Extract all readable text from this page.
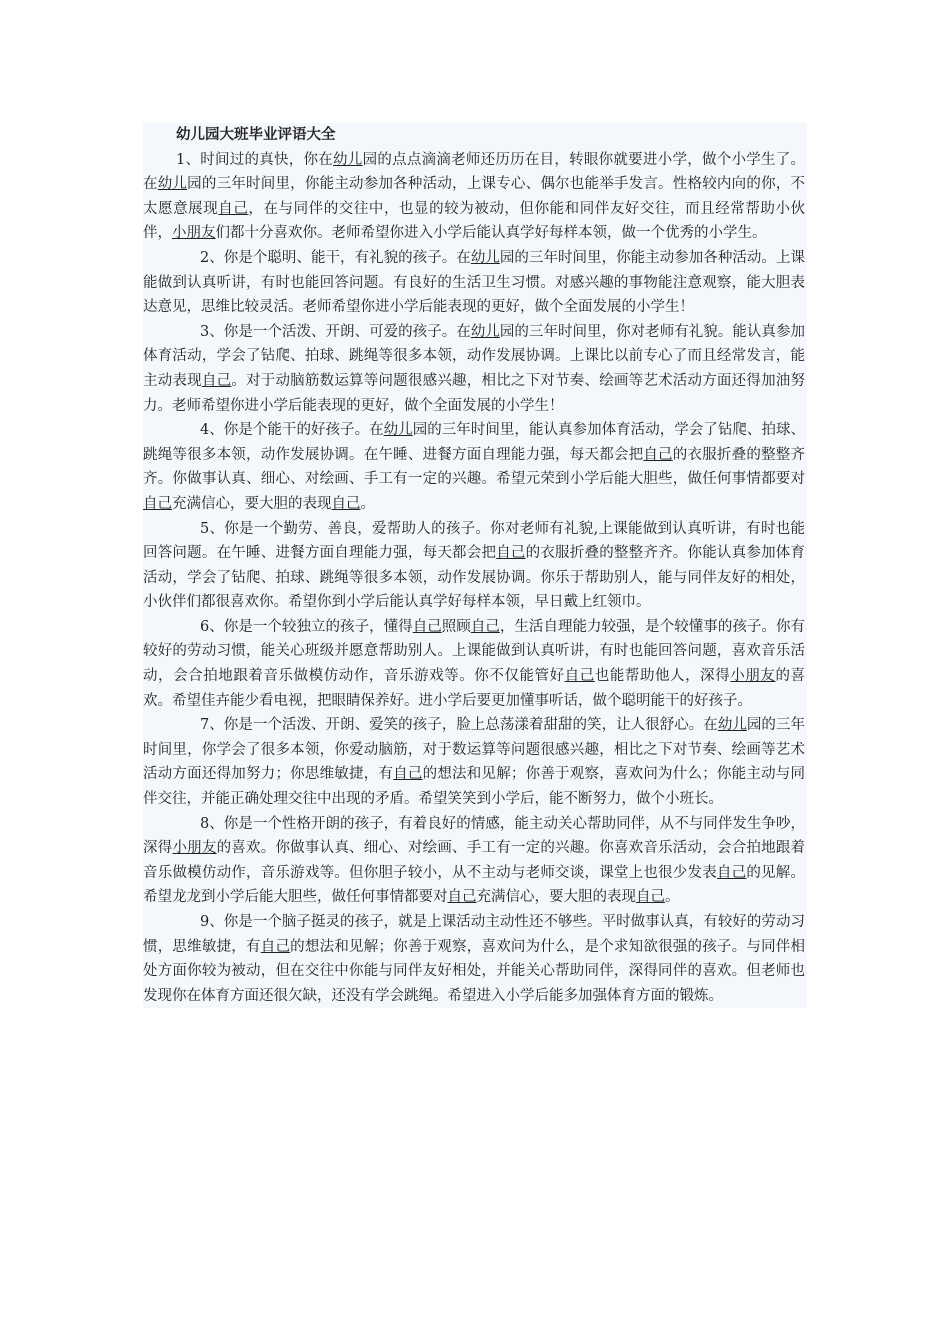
幼儿园大班毕业评语大全

1、时间过的真快，你在幼儿园的点点滴滴老师还历历在目，转眼你就要进小学，做个小学生了。在幼儿园的三年时间里，你能主动参加各种活动，上课专心、偶尔也能举手发言。性格较内向的你，不太愿意展现自己，在与同伴的交往中，也显的较为被动，但你能和同伴友好交往，而且经常帮助小伙伴，小朋友们都十分喜欢你。老师希望你进入小学后能认真学好每样本领，做一个优秀的小学生。

2、你是个聪明、能干，有礼貌的孩子。在幼儿园的三年时间里，你能主动参加各种活动。上课能做到认真听讲，有时也能回答问题。有良好的生活卫生习惯。对感兴趣的事物能注意观察，能大胆表达意见，思维比较灵活。老师希望你进小学后能表现的更好，做个全面发展的小学生！

3、你是一个活泼、开朗、可爱的孩子。在幼儿园的三年时间里，你对老师有礼貌。能认真参加体育活动，学会了钻爬、拍球、跳绳等很多本领，动作发展协调。上课比以前专心了而且经常发言，能主动表现自己。对于动脑筋数运算等问题很感兴趣，相比之下对节奏、绘画等艺术活动方面还得加油努力。老师希望你进小学后能表现的更好，做个全面发展的小学生！

4、你是个能干的好孩子。在幼儿园的三年时间里，能认真参加体育活动，学会了钻爬、拍球、跳绳等很多本领，动作发展协调。在午睡、进餐方面自理能力强，每天都会把自己的衣服折叠的整整齐齐。你做事认真、细心、对绘画、手工有一定的兴趣。希望元荣到小学后能大胆些，做任何事情都要对自己充满信心，要大胆的表现自己。

5、你是一个勤劳、善良，爱帮助人的孩子。你对老师有礼貌,上课能做到认真听讲，有时也能回答问题。在午睡、进餐方面自理能力强，每天都会把自己的衣服折叠的整整齐齐。你能认真参加体育活动，学会了钻爬、拍球、跳绳等很多本领，动作发展协调。你乐于帮助别人，能与同伴友好的相处，小伙伴们都很喜欢你。希望你到小学后能认真学好每样本领，早日戴上红领巾。

6、你是一个较独立的孩子，懂得自己照顾自己，生活自理能力较强，是个较懂事的孩子。你有较好的劳动习惯，能关心班级并愿意帮助别人。上课能做到认真听讲，有时也能回答问题，喜欢音乐活动，会合拍地跟着音乐做模仿动作，音乐游戏等。你不仅能管好自己也能帮助他人，深得小朋友的喜欢。希望佳卉能少看电视，把眼睛保养好。进小学后要更加懂事听话，做个聪明能干的好孩子。

7、你是一个活泼、开朗、爱笑的孩子，脸上总荡漾着甜甜的笑，让人很舒心。在幼儿园的三年时间里，你学会了很多本领，你爱动脑筋，对于数运算等问题很感兴趣，相比之下对节奏、绘画等艺术活动方面还得加努力；你思维敏捷，有自己的想法和见解；你善于观察，喜欢问为什么；你能主动与同伴交往，并能正确处理交往中出现的矛盾。希望笑笑到小学后，能不断努力，做个小班长。

8、你是一个性格开朗的孩子，有着良好的情感，能主动关心帮助同伴，从不与同伴发生争吵，深得小朋友的喜欢。你做事认真、细心、对绘画、手工有一定的兴趣。你喜欢音乐活动，会合拍地跟着音乐做模仿动作，音乐游戏等。但你胆子较小，从不主动与老师交谈，课堂上也很少发表自己的见解。希望龙龙到小学后能大胆些，做任何事情都要对自己充满信心，要大胆的表现自己。

9、你是一个脑子挺灵的孩子，就是上课活动主动性还不够些。平时做事认真，有较好的劳动习惯，思维敏捷，有自己的想法和见解；你善于观察，喜欢问为什么，是个求知欲很强的孩子。与同伴相处方面你较为被动，但在交往中你能与同伴友好相处，并能关心帮助同伴，深得同伴的喜欢。但老师也发现你在体育方面还很欠缺，还没有学会跳绳。希望进入小学后能多加强体育方面的锻炼。
